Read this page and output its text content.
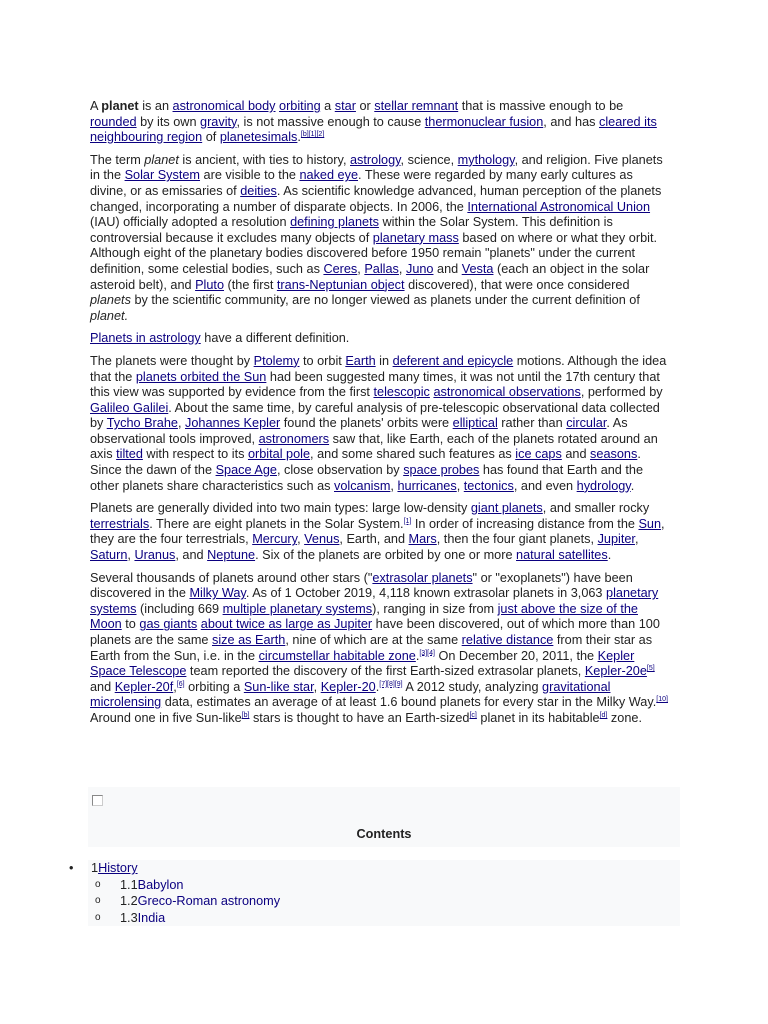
A planet is an astronomical body orbiting a star or stellar remnant that is massive enough to be rounded by its own gravity, is not massive enough to cause thermonuclear fusion, and has cleared its neighbouring region of planetesimals.[b][1][2]

The term planet is ancient, with ties to history, astrology, science, mythology, and religion. Five planets in the Solar System are visible to the naked eye. These were regarded by many early cultures as divine, or as emissaries of deities. As scientific knowledge advanced, human perception of the planets changed, incorporating a number of disparate objects. In 2006, the International Astronomical Union (IAU) officially adopted a resolution defining planets within the Solar System. This definition is controversial because it excludes many objects of planetary mass based on where or what they orbit. Although eight of the planetary bodies discovered before 1950 remain "planets" under the current definition, some celestial bodies, such as Ceres, Pallas, Juno and Vesta (each an object in the solar asteroid belt), and Pluto (the first trans-Neptunian object discovered), that were once considered planets by the scientific community, are no longer viewed as planets under the current definition of planet.

Planets in astrology have a different definition.

The planets were thought by Ptolemy to orbit Earth in deferent and epicycle motions. Although the idea that the planets orbited the Sun had been suggested many times, it was not until the 17th century that this view was supported by evidence from the first telescopic astronomical observations, performed by Galileo Galilei. About the same time, by careful analysis of pre-telescopic observational data collected by Tycho Brahe, Johannes Kepler found the planets' orbits were elliptical rather than circular. As observational tools improved, astronomers saw that, like Earth, each of the planets rotated around an axis tilted with respect to its orbital pole, and some shared such features as ice caps and seasons. Since the dawn of the Space Age, close observation by space probes has found that Earth and the other planets share characteristics such as volcanism, hurricanes, tectonics, and even hydrology.

Planets are generally divided into two main types: large low-density giant planets, and smaller rocky terrestrials. There are eight planets in the Solar System.[1] In order of increasing distance from the Sun, they are the four terrestrials, Mercury, Venus, Earth, and Mars, then the four giant planets, Jupiter, Saturn, Uranus, and Neptune. Six of the planets are orbited by one or more natural satellites.

Several thousands of planets around other stars ("extrasolar planets" or "exoplanets") have been discovered in the Milky Way. As of 1 October 2019, 4,118 known extrasolar planets in 3,063 planetary systems (including 669 multiple planetary systems), ranging in size from just above the size of the Moon to gas giants about twice as large as Jupiter have been discovered, out of which more than 100 planets are the same size as Earth, nine of which are at the same relative distance from their star as Earth from the Sun, i.e. in the circumstellar habitable zone.[3][4] On December 20, 2011, the Kepler Space Telescope team reported the discovery of the first Earth-sized extrasolar planets, Kepler-20e[5] and Kepler-20f,[6] orbiting a Sun-like star, Kepler-20.[7][8][9] A 2012 study, analyzing gravitational microlensing data, estimates an average of at least 1.6 bound planets for every star in the Milky Way.[10] Around one in five Sun-like[b] stars is thought to have an Earth-sized[c] planet in its habitable[d] zone.

Contents
• 1History
o 1.1Babylon
o 1.2Greco-Roman astronomy
o 1.3India
